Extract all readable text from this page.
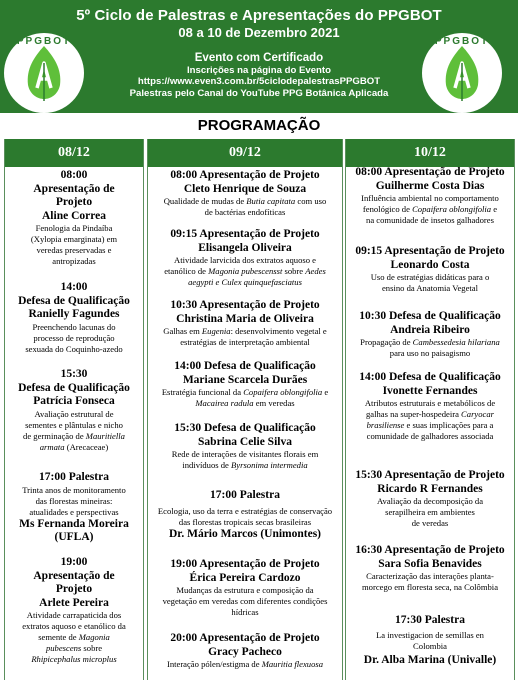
5º Ciclo de Palestras e Apresentações do PPGBOT
08 a 10 de Dezembro 2021
Evento com Certificado
Inscrições na página do Evento
https://www.even3.com.br/5ciclodepalestrasPPGBOT
Palestras pelo Canal do YouTube PPG Botânica Aplicada
PPGBOT	PPGBOT
PROGRAMAÇÃO
08/12
08:00
Apresentação de
Projeto
Aline Correa
Fenologia da Pindaíba
(Xylopia emarginata) em
veredas preservadas e
antropizadas
14:00
Defesa de Qualificação
Ranielly Fagundes
Preenchendo lacunas do
processo de reprodução
sexuada do Coquinho-azedo
15:30
Defesa de Qualificação
Patrícia Fonseca
Avaliação estrutural de
sementes e plântulas e nicho
de germinação de Mauritiella
armata (Arecaceae)
17:00 Palestra
Trinta anos de monitoramento
das florestas mineiras:
atualidades e perspectivas
Ms Fernanda Moreira
(UFLA)
19:00
Apresentação de
Projeto
Arlete Pereira
Atividade carrapaticida dos
extratos aquoso e etanólico da
semente de Magonia
pubescens sobre
Rhipicephalus microplus
09/12
08:00 Apresentação de Projeto
Cleto Henrique de Souza
Qualidade de mudas de Butia capitata com uso
de bactérias endofíticas
09:15 Apresentação de Projeto
Elisangela Oliveira
Atividade larvicida dos extratos aquoso e
etanólico de Magonia pubescensst sobre Aedes
aegypti e Culex quinquefasciatus
10:30 Apresentação de Projeto
Christina Maria de Oliveira
Galhas em Eugenia: desenvolvimento vegetal e
estratégias de interpretação ambiental
14:00 Defesa de Qualificação
Mariane Scarcela Durães
Estratégia funcional da Copaifera oblongifolia e
Macairea radula em veredas
15:30 Defesa de Qualificação
Sabrina Celie Silva
Rede de interações de visitantes florais em
indivíduos de Byrsonima intermedia
17:00 Palestra
Ecologia, uso da terra e estratégias de conservação
das florestas tropicais secas brasileiras
Dr. Mário Marcos (Unimontes)
19:00 Apresentação de Projeto
Érica Pereira Cardozo
Mudanças da estrutura e composição da
vegetação em veredas com diferentes condições
hídricas
20:00 Apresentação de Projeto
Gracy Pacheco
Interação pólen/estigma de Mauritia flexuosa
10/12
08:00 Apresentação de Projeto
Guilherme Costa Dias
Influência ambiental no comportamento
fenológico de Copaifera oblongifolia e
na comunidade de insetos galhadores
09:15 Apresentação de Projeto
Leonardo Costa
Uso de estratégias didáticas para o
ensino da Anatomia Vegetal
10:30 Defesa de Qualificação
Andreia Ribeiro
Propagação de Cambessedesia hilariana
para uso no paisagismo
14:00 Defesa de Qualificação
Ivonette Fernandes
Atributos estruturais e metabólicos de
galhas na super-hospedeira Caryocar
brasiliense e suas implicações para a
comunidade de galhadores associada
15:30 Apresentação de Projeto
Ricardo R Fernandes
Avaliação da decomposição da
serapilheira em ambientes
de veredas
16:30 Apresentação de Projeto
Sara Sofia Benavides
Caracterização das interações planta-
morcego em floresta seca, na Colômbia
17:30 Palestra
La investigacion de semillas en
Colombia
Dr. Alba Marina (Univalle)
